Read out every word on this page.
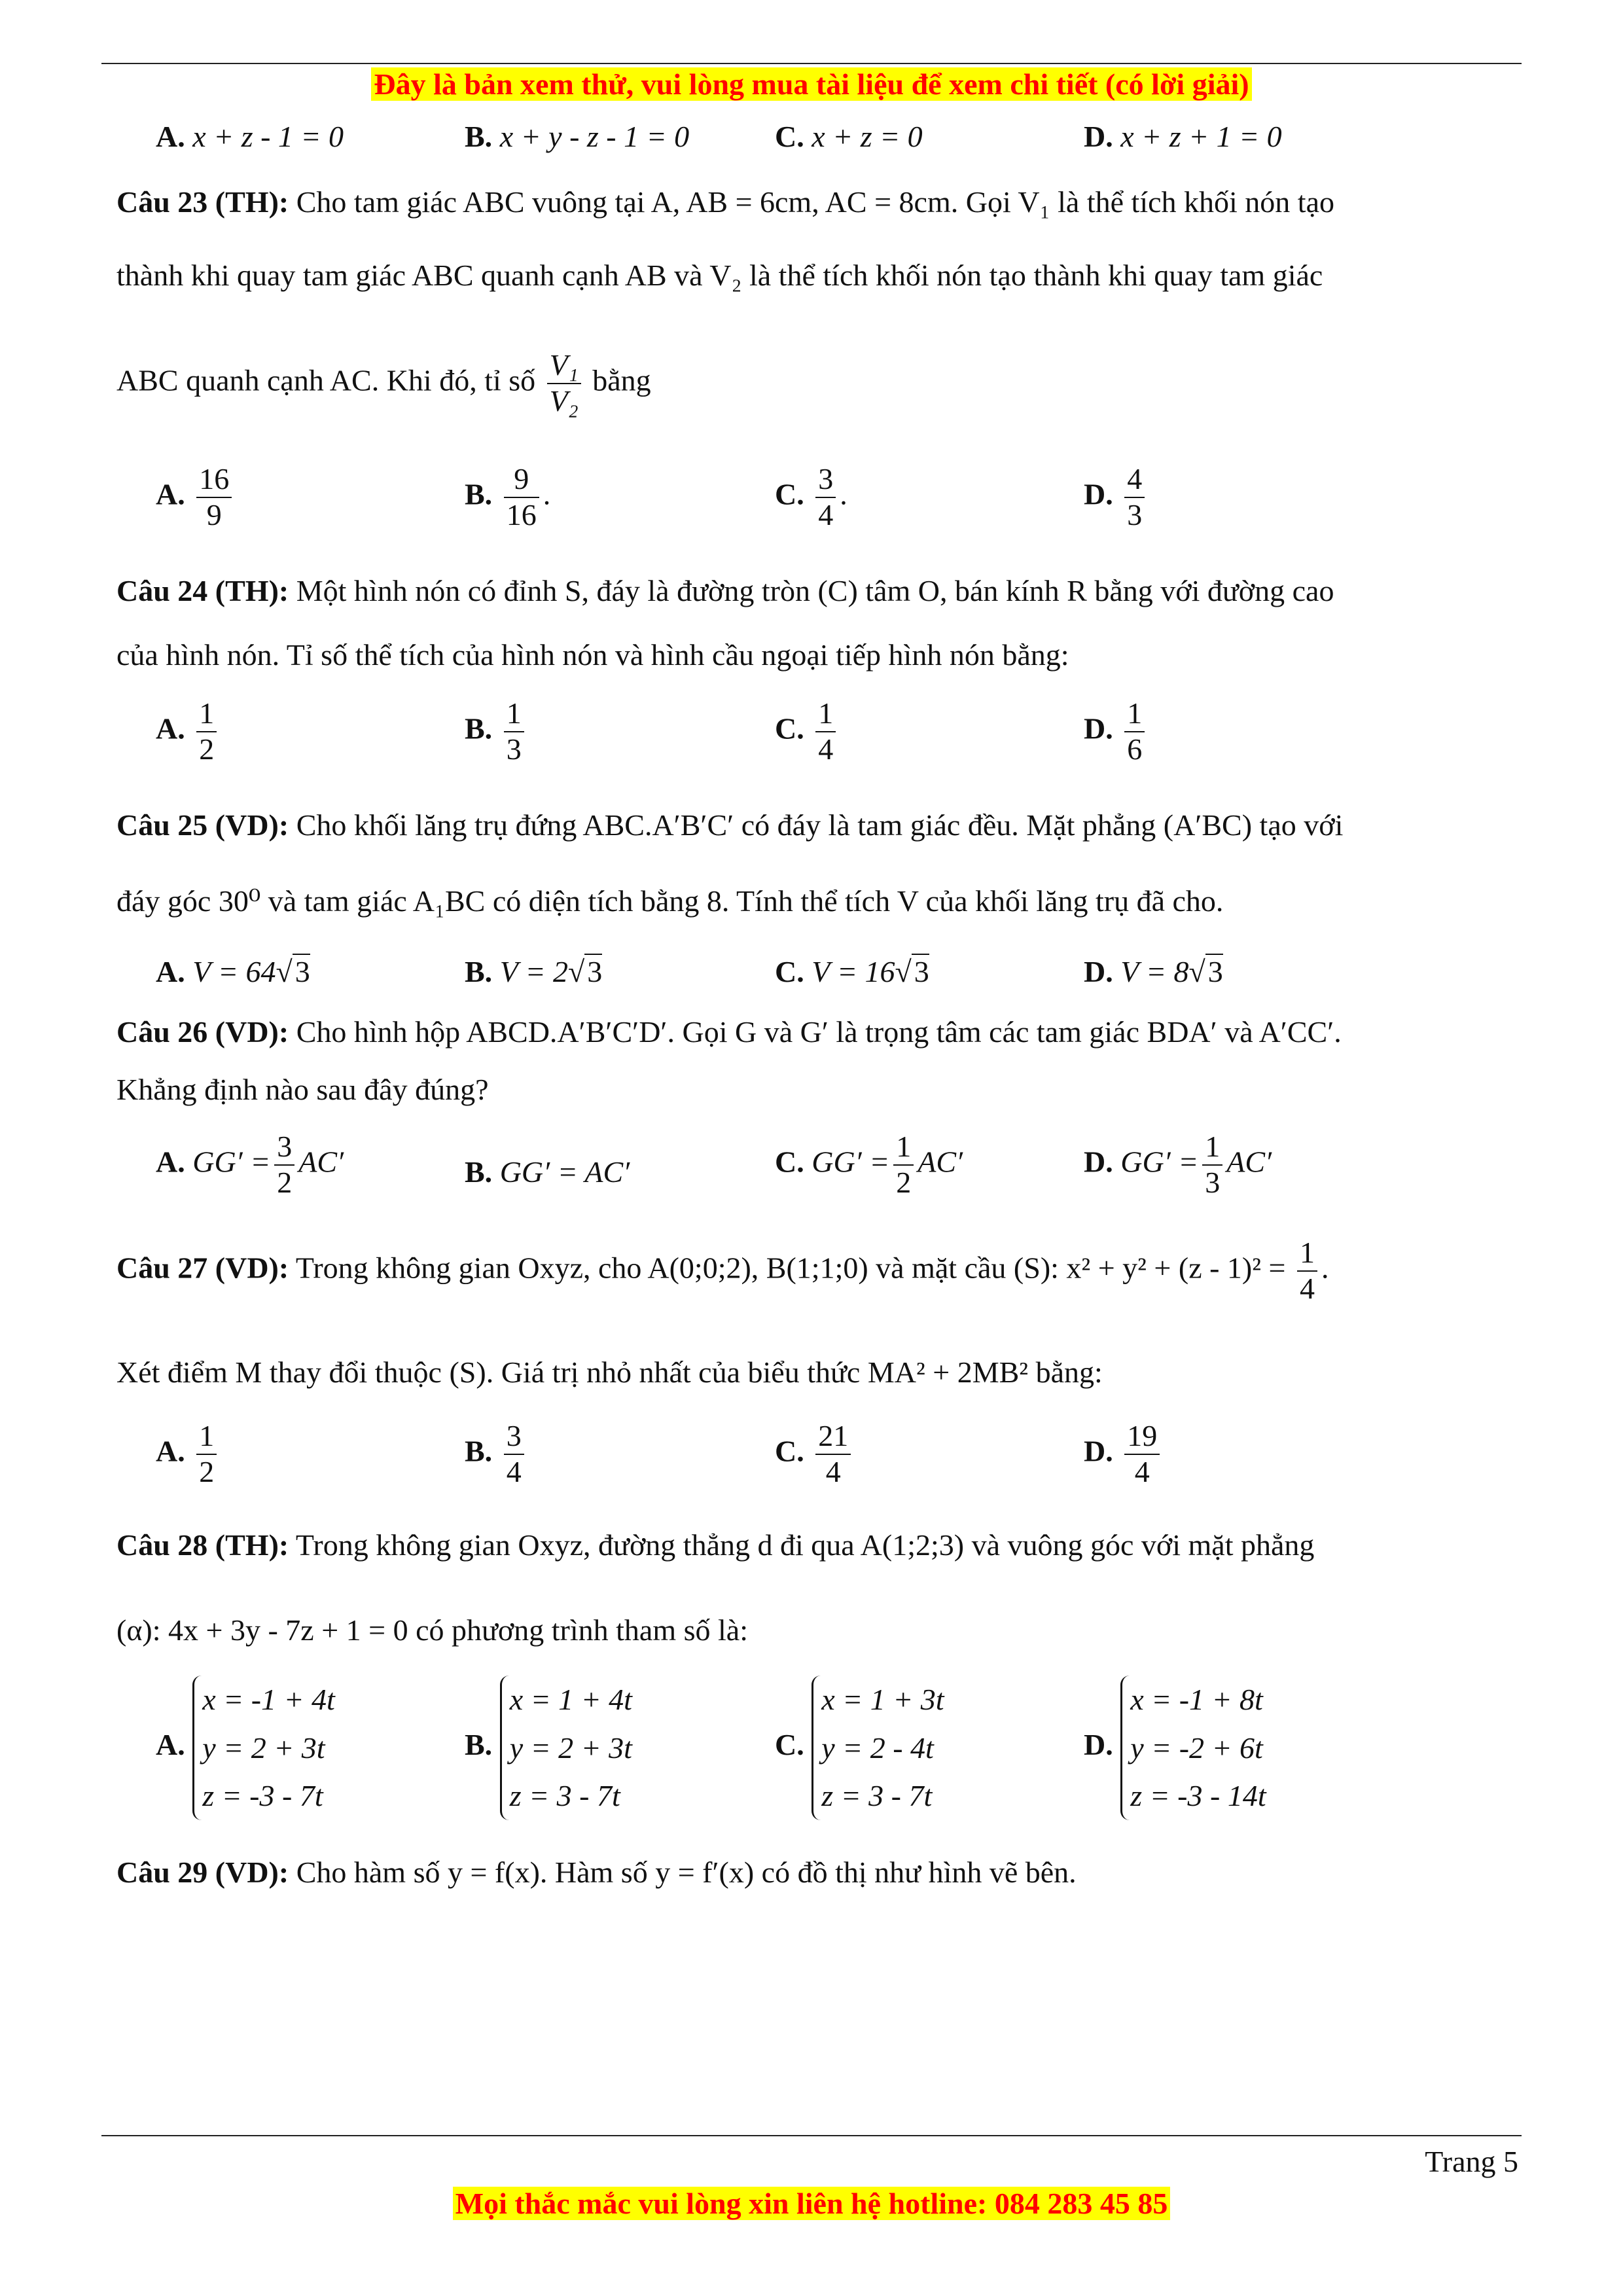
Đây là bản xem thử, vui lòng mua tài liệu để xem chi tiết (có lời giải)
A. x + z - 1 = 0	B. x + y - z - 1 = 0	C. x + z = 0	D. x + z + 1 = 0
Câu 23 (TH): Cho tam giác ABC vuông tại A, AB = 6cm, AC = 8cm. Gọi V₁ là thể tích khối nón tạo
thành khi quay tam giác ABC quanh cạnh AB và V₂ là thể tích khối nón tạo thành khi quay tam giác
ABC quanh cạnh AC. Khi đó, tỉ số $\frac{\text{V₁}}{\text{V₂}}$ bằng
A. $\frac{16}{9}$	B. $\frac{9}{16}$ .	C. $\frac{3}{4}$ .	D. $\frac{4}{3}$
Câu 24 (TH): Một hình nón có đỉnh S, đáy là đường tròn (C) tâm O, bán kính R bằng với đường cao
của hình nón. Tỉ số thể tích của hình nón và hình cầu ngoại tiếp hình nón bằng:
A. $\frac{1}{2}$	B. $\frac{1}{3}$	C. $\frac{1}{4}$	D. $\frac{1}{6}$
Câu 25 (VD): Cho khối lăng trụ đứng ABC.A′B′C′ có đáy là tam giác đều. Mặt phẳng (A′BC) tạo với
đáy góc 30⁰ và tam giác A₁BC có diện tích bằng 8. Tính thể tích V của khối lăng trụ đã cho.
A. V = 64√3	B. V = 2√3	C. V = 16√3	D. V = 8√3
Câu 26 (VD): Cho hình hộp ABCD.A′B′C′D′. Gọi G và G′ là trọng tâm các tam giác BDA′ và A′CC′.
Khẳng định nào sau đây đúng?
A. $GG' = \frac{3}{2} AC'$	B. GG′ = AC′	C. $GG' = \frac{1}{2} AC'$	D. $GG' = \frac{1}{3} AC'$
Câu 27 (VD): Trong không gian Oxyz, cho A(0;0;2), B(1;1;0) và mặt cầu (S): $x^2 + y^2 + (z - 1)^2 = \frac{1}{4}$ .
Xét điểm M thay đổi thuộc (S). Giá trị nhỏ nhất của biểu thức MA² + 2MB² bằng:
A. $\frac{1}{2}$	B. $\frac{3}{4}$	C. $\frac{21}{4}$	D. $\frac{19}{4}$
Câu 28 (TH): Trong không gian Oxyz, đường thẳng d đi qua A(1;2;3) và vuông góc với mặt phẳng
(α): 4x + 3y - 7z + 1 = 0 có phương trình tham số là:
A.
x = -1 + 4t
y = 2 + 3t
z = -3 - 7t
B.
x = 1 + 4t
y = 2 + 3t
z = 3 - 7t
C.
x = 1 + 3t
y = 2 - 4t
z = 3 - 7t
D.
x = -1 + 8t
y = -2 + 6t
z = -3 - 14t
Câu 29 (VD): Cho hàm số y = f(x). Hàm số y = f′(x) có đồ thị như hình vẽ bên.
Trang 5
Mọi thắc mắc vui lòng xin liên hệ hotline: 084 283 45 85
